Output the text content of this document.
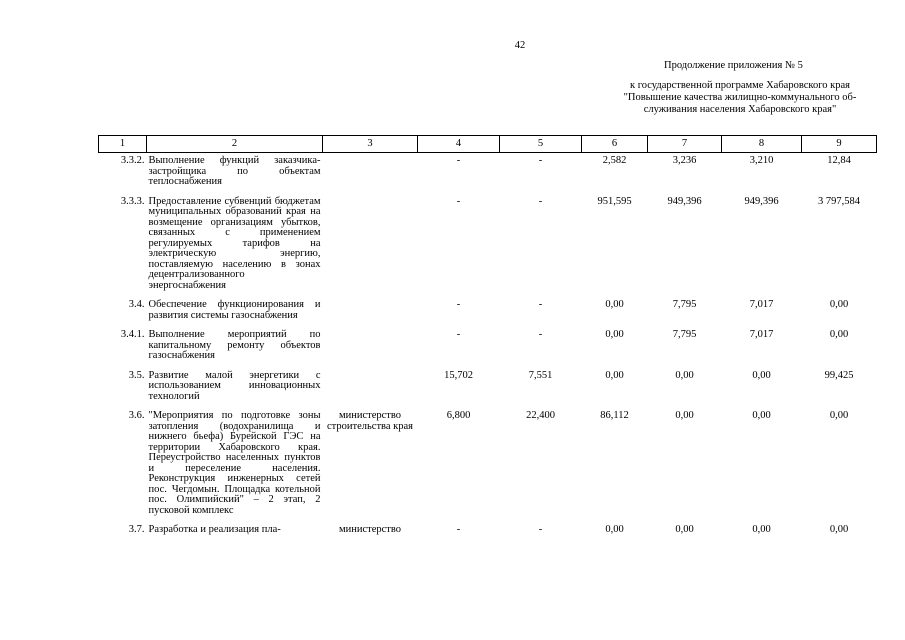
42
Продолжение приложения № 5
к государственной программе Хабаровского края
"Повышение качества жилищно-коммунального об-
служивания населения Хабаровского края"
1	2	3	4	5	6	7	8	9
3.3.2.	Выполнение функций заказчика-застройщика по объектам теплоснабжения		-	-	2,582	3,236	3,210	12,84
3.3.3.	Предоставление субвенций бюджетам муниципальных образований края на возмещение организациям убытков, связанных с применением регулируемых тарифов на электрическую энергию, поставляемую населению в зонах децентрализованного энергоснабжения		-	-	951,595	949,396	949,396	3 797,584
3.4.	Обеспечение функционирования и развития системы газоснабжения		-	-	0,00	7,795	7,017	0,00
3.4.1.	Выполнение мероприятий по капитальному ремонту объектов газоснабжения		-	-	0,00	7,795	7,017	0,00
3.5.	Развитие малой энергетики с использованием инновационных технологий		15,702	7,551	0,00	0,00	0,00	99,425
3.6.	"Мероприятия по подготовке зоны затопления (водохранилища и нижнего бьефа) Бурейской ГЭС на территории Хабаровского края. Переустройство населенных пунктов и переселение населения. Реконструкция инженерных сетей пос. Чегдомын. Площадка котельной пос. Олимпийский" – 2 этап, 2 пусковой комплекс	министерство строительства края	6,800	22,400	86,112	0,00	0,00	0,00
3.7.	Разработка и реализация пла-	министерство	-	-	0,00	0,00	0,00	0,00
